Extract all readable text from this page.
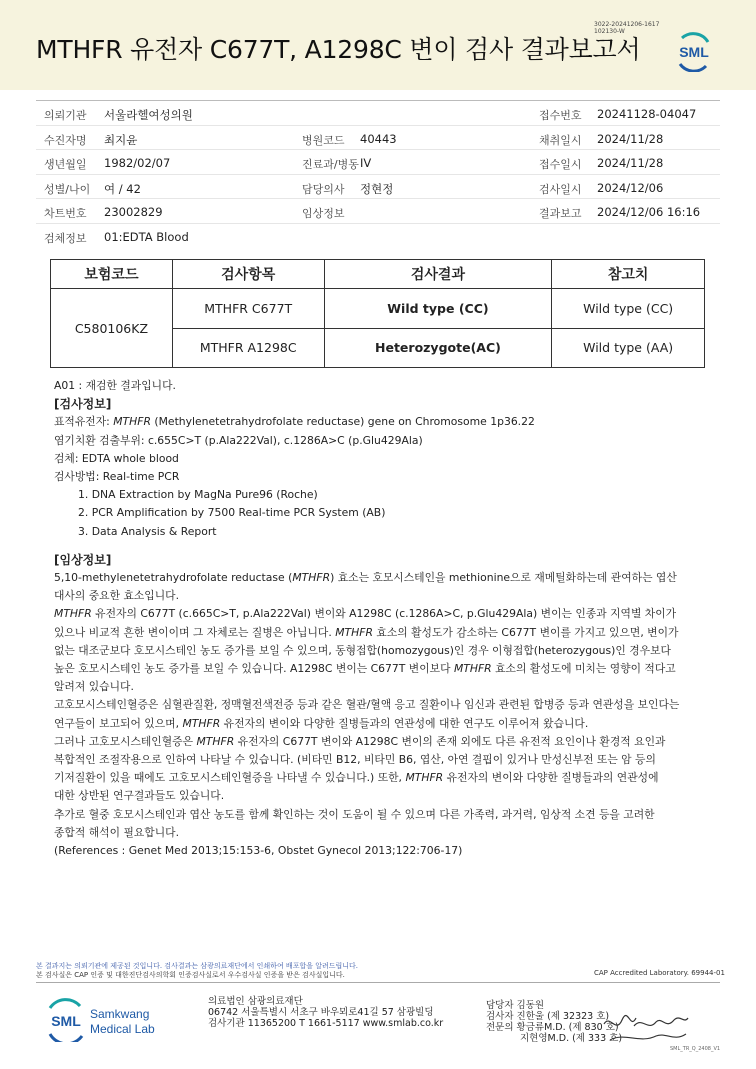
MTHFR 유전자 C677T, A1298C 변이 검사 결과보고서
3022-20241206-1617
102130-W
SML
의뢰기관 서울라헬여성의원	접수번호 20241128-04047
수진자명 최지윤	병원코드 40443	채취일시 2024/11/28
생년월일 1982/02/07	진료과/병동 IV	접수일시 2024/11/28
성별/나이 여 / 42	담당의사 정현정	검사일시 2024/12/06
차트번호 23002829	임상정보	결과보고 2024/12/06 16:16
검체정보 01:EDTA Blood
보험코드	검사항목	검사결과	참고치
C580106KZ	MTHFR C677T	Wild type (CC)	Wild type (CC)
	MTHFR A1298C	Heterozygote(AC)	Wild type (AA)

A01 : 재검한 결과입니다.

[검사정보]

표적유전자: MTHFR (Methylenetetrahydrofolate reductase) gene on Chromosome 1p36.22

염기치환 검출부위: c.655C>T (p.Ala222Val), c.1286A>C (p.Glu429Ala)

검체: EDTA whole blood

검사방법: Real-time PCR

1. DNA Extraction by MagNa Pure96 (Roche)

2. PCR Amplification by 7500 Real-time PCR System (AB)

3. Data Analysis & Report

[임상정보]

5,10-methylenetetrahydrofolate reductase (MTHFR) 효소는 호모시스테인을 methionine으로 재메틸화하는데 관여하는 엽산

대사의 중요한 효소입니다.

MTHFR 유전자의 C677T (c.665C>T, p.Ala222Val) 변이와 A1298C (c.1286A>C, p.Glu429Ala) 변이는 인종과 지역별 차이가

있으나 비교적 흔한 변이이며 그 자체로는 질병은 아닙니다. MTHFR 효소의 활성도가 감소하는 C677T 변이를 가지고 있으면, 변이가

없는 대조군보다 호모시스테인 농도 증가를 보일 수 있으며, 동형접합(homozygous)인 경우 이형접합(heterozygous)인 경우보다

높은 호모시스테인 농도 증가를 보일 수 있습니다. A1298C 변이는 C677T 변이보다 MTHFR 효소의 활성도에 미치는 영향이 적다고

알려져 있습니다.

고호모시스테인혈증은 심혈관질환, 정맥혈전색전증 등과 같은 혈관/혈액 응고 질환이나 임신과 관련된 합병증 등과 연관성을 보인다는

연구들이 보고되어 있으며, MTHFR 유전자의 변이와 다양한 질병들과의 연관성에 대한 연구도 이루어져 왔습니다.

그러나 고호모시스테인혈증은 MTHFR 유전자의 C677T 변이와 A1298C 변이의 존재 외에도 다른 유전적 요인이나 환경적 요인과

복합적인 조절작용으로 인하여 나타날 수 있습니다. (비타민 B12, 비타민 B6, 엽산, 아연 결핍이 있거나 만성신부전 또는 암 등의

기저질환이 있을 때에도 고호모시스테인혈증을 나타낼 수 있습니다.) 또한, MTHFR 유전자의 변이와 다양한 질병들과의 연관성에

대한 상반된 연구결과들도 있습니다.

추가로 혈중 호모시스테인과 엽산 농도를 함께 확인하는 것이 도움이 될 수 있으며 다른 가족력, 과거력, 임상적 소견 등을 고려한

종합적 해석이 필요합니다.

(References : Genet Med 2013;15:153-6, Obstet Gynecol 2013;122:706-17)

본 결과지는 의뢰기관에 제공된 것입니다. 검사결과는 삼광의료재단에서 인쇄하여 배포합을 알려드립니다.
본 검사실은 CAP 인증 및 대한진단검사의학회 인증검사실로서 우수검사실 인증을 받은 검사실입니다.	CAP Accredited Laboratory. 69944-01
SML Samkwang
Medical Lab
의료법인 삼광의료재단
06742 서울특별시 서초구 바우뫼로41길 57 삼광빌딩
검사기관 11365200 T 1661-5117 www.smlab.co.kr
담당자 김동원
검사자 진한울 (제 32323 호)
전문의 황금류M.D. (제 830 호)
지현영M.D. (제 333 호)
SML_TR_Q_2408_V1
